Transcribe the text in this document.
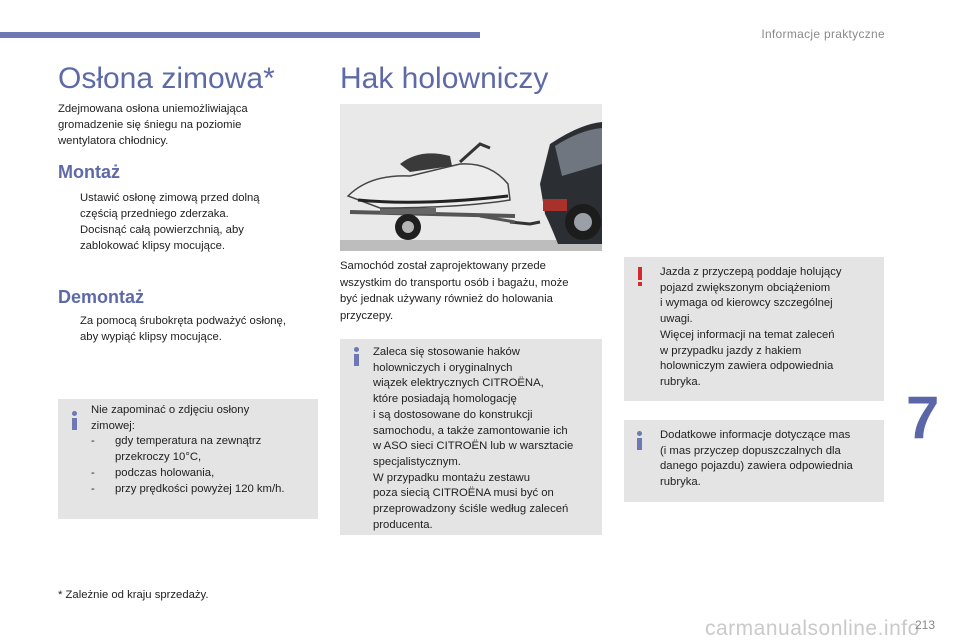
Informacje praktyczne
Osłona zimowa*
Zdejmowana osłona uniemożliwiająca
gromadzenie się śniegu na poziomie
wentylatora chłodnicy.
Montaż
Ustawić osłonę zimową przed dolną
częścią przedniego zderzaka.
Docisnąć całą powierzchnią, aby
zablokować klipsy mocujące.
Demontaż
Za pomocą śrubokręta podważyć osłonę,
aby wypiąć klipsy mocujące.
Nie zapominać o zdjęciu osłony
zimowej:
- gdy temperatura na zewnątrz
przekroczy 10°C,
- podczas holowania,
- przy prędkości powyżej 120 km/h.
* Zależnie od kraju sprzedaży.
Hak holowniczy
Samochód został zaprojektowany przede
wszystkim do transportu osób i bagażu, może
być jednak używany również do holowania
przyczepy.
Zaleca się stosowanie haków
holowniczych i oryginalnych
wiązek elektrycznych CITROËNA,
które posiadają homologację
i są dostosowane do konstrukcji
samochodu, a także zamontowanie ich
w ASO sieci CITROËN lub w warsztacie
specjalistycznym.
W przypadku montażu zestawu
poza siecią CITROËNA musi być on
przeprowadzony ściśle według zaleceń
producenta.
Jazda z przyczepą poddaje holujący
pojazd zwiększonym obciążeniom
i wymaga od kierowcy szczególnej
uwagi.
Więcej informacji na temat zaleceń
w przypadku jazdy z hakiem
holowniczym zawiera odpowiednia
rubryka.
Dodatkowe informacje dotyczące mas
(i mas przyczep dopuszczalnych dla
danego pojazdu) zawiera odpowiednia
rubryka.
7
carmanualsonline.info
213
